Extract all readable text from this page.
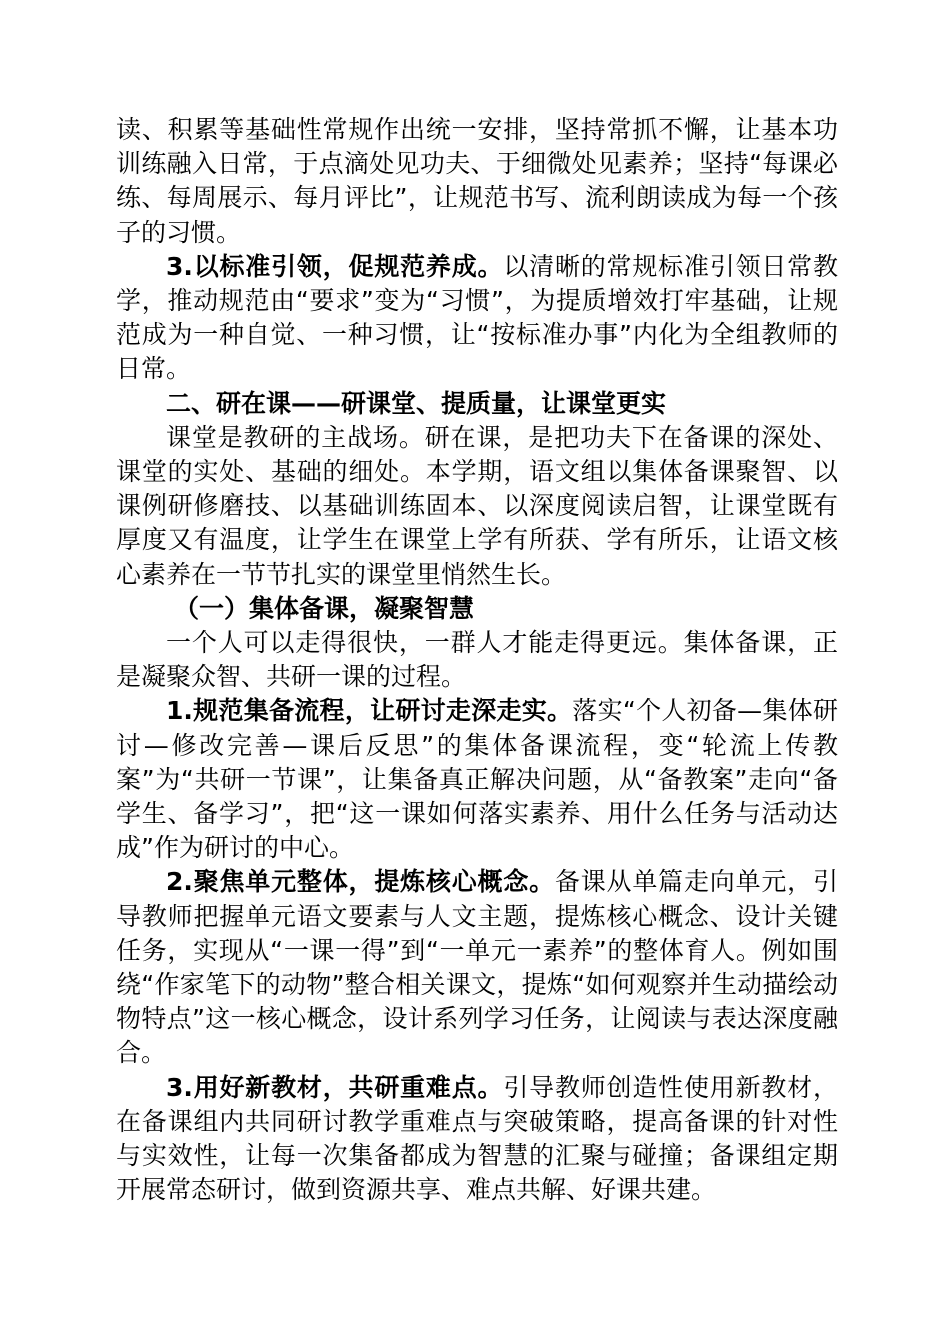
读、积累等基础性常规作出统一安排，坚持常抓不懈，让基本功训练融入日常，于点滴处见功夫、于细微处见素养；坚持“每课必练、每周展示、每月评比”，让规范书写、流利朗读成为每一个孩子的习惯。

3.以标准引领，促规范养成。以清晰的常规标准引领日常教学，推动规范由“要求”变为“习惯”，为提质增效打牢基础，让规范成为一种自觉、一种习惯，让“按标准办事”内化为全组教师的日常。

二、研在课——研课堂、提质量，让课堂更实

课堂是教研的主战场。研在课，是把功夫下在备课的深处、课堂的实处、基础的细处。本学期，语文组以集体备课聚智、以课例研修磨技、以基础训练固本、以深度阅读启智，让课堂既有厚度又有温度，让学生在课堂上学有所获、学有所乐，让语文核心素养在一节节扎实的课堂里悄然生长。

（一）集体备课，凝聚智慧

一个人可以走得很快，一群人才能走得更远。集体备课，正是凝聚众智、共研一课的过程。

1.规范集备流程，让研讨走深走实。落实“个人初备—集体研讨—修改完善—课后反思”的集体备课流程，变“轮流上传教案”为“共研一节课”，让集备真正解决问题，从“备教案”走向“备学生、备学习”，把“这一课如何落实素养、用什么任务与活动达成”作为研讨的中心。

2.聚焦单元整体，提炼核心概念。备课从单篇走向单元，引导教师把握单元语文要素与人文主题，提炼核心概念、设计关键任务，实现从“一课一得”到“一单元一素养”的整体育人。例如围绕“作家笔下的动物”整合相关课文，提炼“如何观察并生动描绘动物特点”这一核心概念，设计系列学习任务，让阅读与表达深度融合。

3.用好新教材，共研重难点。引导教师创造性使用新教材，在备课组内共同研讨教学重难点与突破策略，提高备课的针对性与实效性，让每一次集备都成为智慧的汇聚与碰撞；备课组定期开展常态研讨，做到资源共享、难点共解、好课共建。
